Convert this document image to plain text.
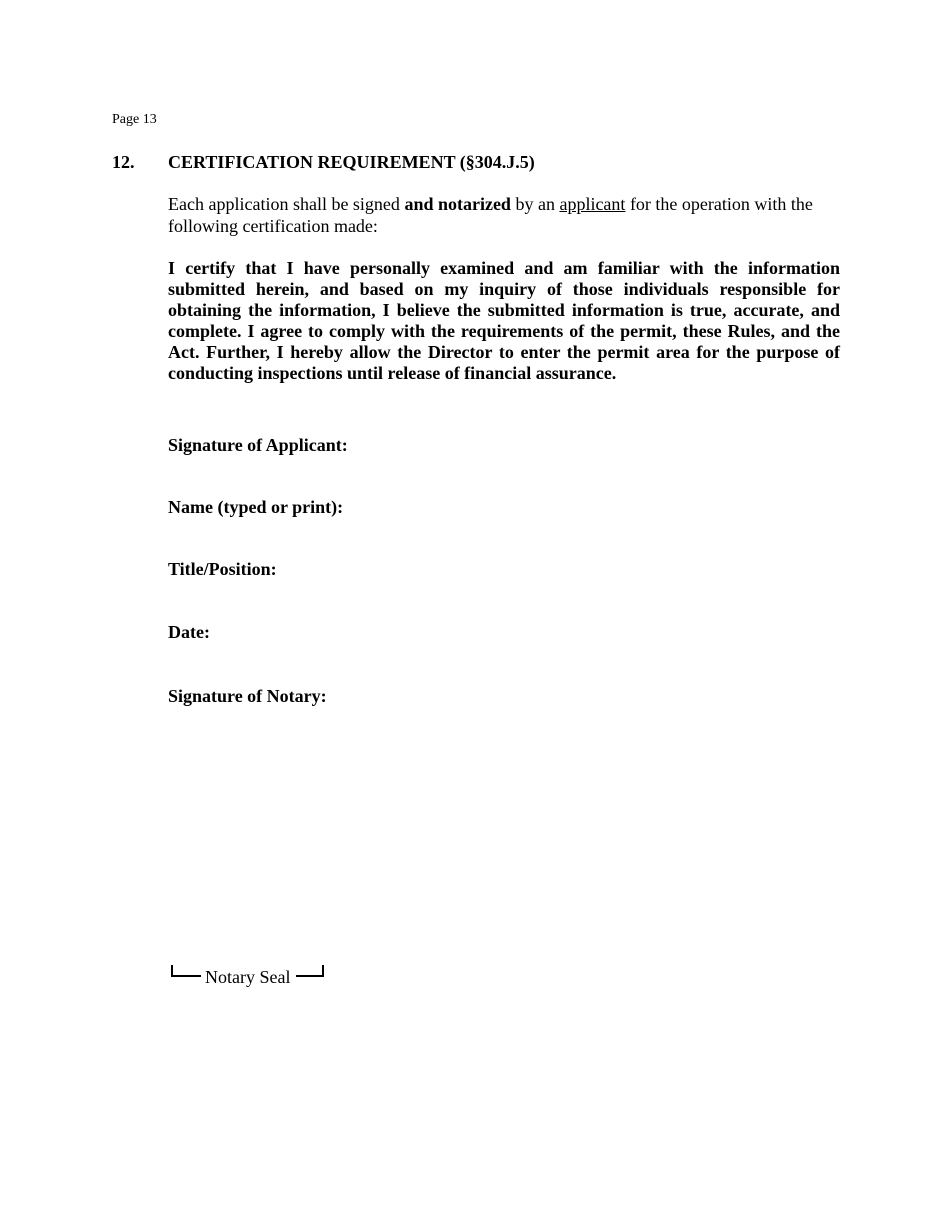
Page 13
12. CERTIFICATION REQUIREMENT (§304.J.5)
Each application shall be signed and notarized by an applicant for the operation with the following certification made:
I certify that I have personally examined and am familiar with the information submitted herein, and based on my inquiry of those individuals responsible for obtaining the information, I believe the submitted information is true, accurate, and complete. I agree to comply with the requirements of the permit, these Rules, and the Act. Further, I hereby allow the Director to enter the permit area for the purpose of conducting inspections until release of financial assurance.
Signature of Applicant:
Name (typed or print):
Title/Position:
Date:
Signature of Notary:
Notary Seal
